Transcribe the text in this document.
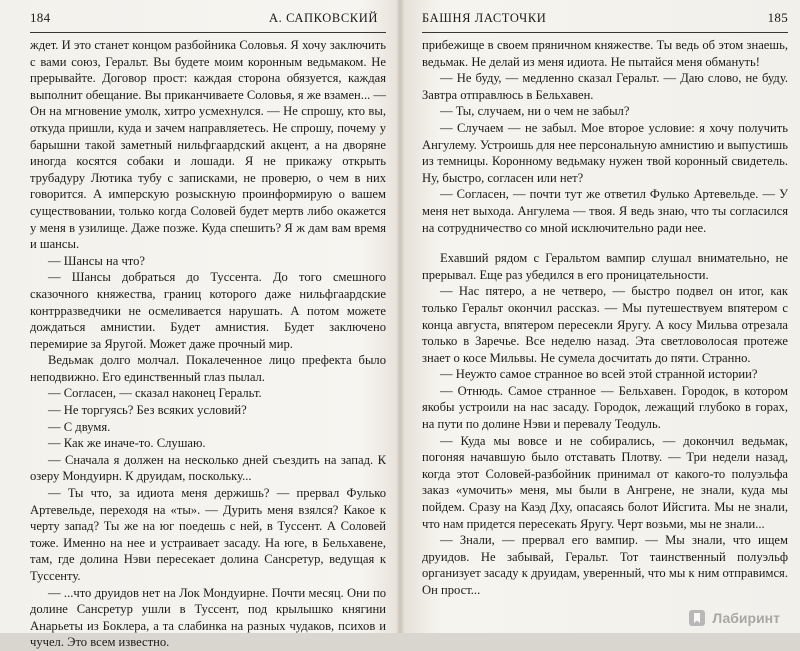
184	А. САПКОВСКИЙ

ждет. И это станет концом разбойника Соловья. Я хочу заключить с вами союз, Геральт. Вы будете моим коронным ведьмаком. Не прерывайте. Договор прост: каждая сторона обязуется, каждая выполнит обещание. Вы приканчиваете Соловья, я же взамен... — Он на мгновение умолк, хитро усмехнулся. — Не спрошу, кто вы, откуда пришли, куда и зачем направляетесь. Не спрошу, почему у барышни такой заметный нильфгаардский акцент, а на дворяне иногда косятся собаки и лошади. Я не прикажу открыть трубадуру Лютика тубу с записками, не проверю, о чем в них говорится. А имперскую розыскную проинформирую о вашем существовании, только когда Соловей будет мертв либо окажется у меня в узилище. Даже позже. Куда спешить? Я ж дам вам время и шансы.

— Шансы на что?

— Шансы добраться до Туссента. До того смешного сказочного княжества, границ которого даже нильфгаардские контрразведчики не осмеливается нарушать. А потом можете дождаться амнистии. Будет амнистия. Будет заключено перемирие за Яругой. Может даже прочный мир.

Ведьмак долго молчал. Покалеченное лицо префекта было неподвижно. Его единственный глаз пылал.

— Согласен, — сказал наконец Геральт.

— Не торгуясь? Без всяких условий?

— С двумя.

— Как же иначе-то. Слушаю.

— Сначала я должен на несколько дней съездить на запад. К озеру Мондуирн. К друидам, поскольку...

— Ты что, за идиота меня держишь? — прервал Фулько Артевельде, переходя на «ты». — Дурить меня взялся? Какое к черту запад? Ты же на юг поедешь с ней, в Туссент. А Соловей тоже. Именно на нее и устраивает засаду. На юге, в Бельхавене, там, где долина Нэви пересекает долина Сансретур, ведущая к Туссенту.

— ...что друидов нет на Лок Мондуирнe. Почти месяц. Они по долине Сансретур ушли в Туссент, под крылышко княгини Анарьеты из Боклера, а та слабинка на разных чудаков, психов и чучел. Это всем известно.

БАШНЯ ЛАСТОЧКИ	185

прибежище в своем пряничном княжестве. Ты ведь об этом знаешь, ведьмак. Не делай из меня идиота. Не пытайся меня обмануть!

— Не буду, — медленно сказал Геральт. — Даю слово, не буду. Завтра отправлюсь в Бельхавен.

— Ты, случаем, ни о чем не забыл?

— Случаем — не забыл. Мое второе условие: я хочу получить Ангулему. Устроишь для нее персональную амнистию и выпустишь из темницы. Коронному ведьмаку нужен твой коронный свидетель. Ну, быстро, согласен или нет?

— Согласен, — почти тут же ответил Фулько Артевельде. — У меня нет выхода. Ангулема — твоя. Я ведь знаю, что ты согласился на сотрудничество со мной исключительно ради нее.

Ехавший рядом с Геральтом вампир слушал внимательно, не прерывал. Еще раз убедился в его проницательности.

— Нас пятеро, а не четверо, — быстро подвел он итог, как только Геральт окончил рассказ. — Мы путешествуем впятером с конца августа, впятером пересекли Яругу. А косу Мильва отрезала только в Заречье. Все неделю назад. Эта светловолосая протеже знает о косе Мильвы. Не сумела досчитать до пяти. Странно.

— Неужто самое странное во всей этой странной истории?

— Отнюдь. Самое странное — Бельхавен. Городок, в котором якобы устроили на нас засаду. Городок, лежащий глубоко в горах, на пути по долине Нэви и перевалу Теодуль.

— Куда мы вовсе и не собирались, — докончил ведьмак, погоняя начавшую было отставать Плотву. — Три недели назад, когда этот Соловей-разбойник принимал от какого-то полуэльфа заказ «умочить» меня, мы были в Ангрене, не знали, куда мы пойдем. Сразу на Каэд Дху, опасаясь болот Ийсгита. Мы не знали, что нам придется пересекать Яругу. Черт возьми, мы не знали...

— Знали, — прервал его вампир. — Мы знали, что ищем друидов. Не забывай, Геральт. Тот таинственный полуэльф организует засаду к друидам, уверенный, что мы к ним отправимся. Он прост...

Лабиринт
